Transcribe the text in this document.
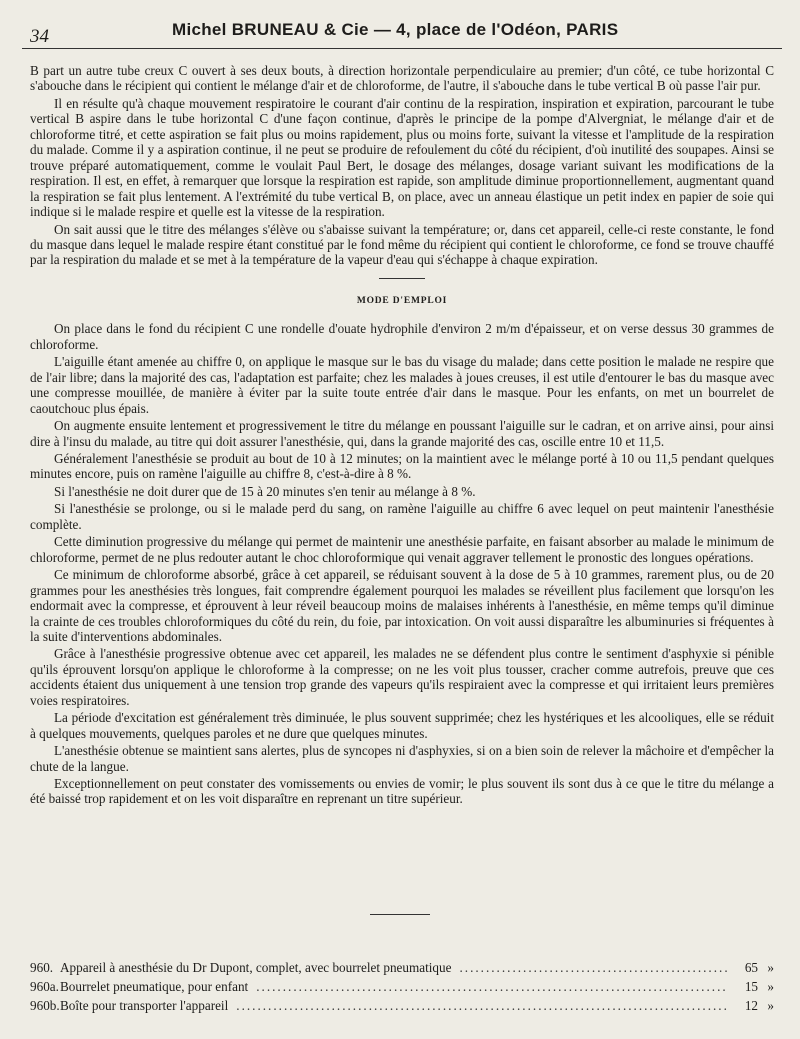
34	Michel BRUNEAU & Cie — 4, place de l'Odéon, PARIS

B part un autre tube creux C ouvert à ses deux bouts, à direction horizontale perpendiculaire au premier; d'un côté, ce tube horizontal C s'abouche dans le récipient qui contient le mélange d'air et de chloroforme, de l'autre, il s'abouche dans le tube vertical B où passe l'air pur.

Il en résulte qu'à chaque mouvement respiratoire le courant d'air continu de la respiration, inspiration et expiration, parcourant le tube vertical B aspire dans le tube horizontal C d'une façon continue, d'après le principe de la pompe d'Alvergniat, le mélange d'air et de chloroforme titré, et cette aspiration se fait plus ou moins rapidement, plus ou moins forte, suivant la vitesse et l'amplitude de la respiration du malade. Comme il y a aspiration continue, il ne peut se produire de refoulement du côté du récipient, d'où inutilité des soupapes. Ainsi se trouve préparé automatiquement, comme le voulait Paul Bert, le dosage des mélanges, dosage variant suivant les modifications de la respiration. Il est, en effet, à remarquer que lorsque la respiration est rapide, son amplitude diminue proportionnellement, augmentant quand la respiration se fait plus lentement. A l'extrémité du tube vertical B, on place, avec un anneau élastique un petit index en papier de soie qui indique si le malade respire et quelle est la vitesse de la respiration.

On sait aussi que le titre des mélanges s'élève ou s'abaisse suivant la température; or, dans cet appareil, celle-ci reste constante, le fond du masque dans lequel le malade respire étant constitué par le fond même du récipient qui contient le chloroforme, ce fond se trouve chauffé par la respiration du malade et se met à la température de la vapeur d'eau qui s'échappe à chaque expiration.

MODE D'EMPLOI

On place dans le fond du récipient C une rondelle d'ouate hydrophile d'environ 2 m/m d'épaisseur, et on verse dessus 30 grammes de chloroforme.

L'aiguille étant amenée au chiffre 0, on applique le masque sur le bas du visage du malade; dans cette position le malade ne respire que de l'air libre; dans la majorité des cas, l'adaptation est parfaite; chez les malades à joues creuses, il est utile d'entourer le bas du masque avec une compresse mouillée, de manière à éviter par la suite toute entrée d'air dans le masque. Pour les enfants, on met un bourrelet de caoutchouc plus épais.

On augmente ensuite lentement et progressivement le titre du mélange en poussant l'aiguille sur le cadran, et on arrive ainsi, pour ainsi dire à l'insu du malade, au titre qui doit assurer l'anesthésie, qui, dans la grande majorité des cas, oscille entre 10 et 11,5.

Généralement l'anesthésie se produit au bout de 10 à 12 minutes; on la maintient avec le mélange porté à 10 ou 11,5 pendant quelques minutes encore, puis on ramène l'aiguille au chiffre 8, c'est-à-dire à 8 %.

Si l'anesthésie ne doit durer que de 15 à 20 minutes s'en tenir au mélange à 8 %.

Si l'anesthésie se prolonge, ou si le malade perd du sang, on ramène l'aiguille au chiffre 6 avec lequel on peut maintenir l'anesthésie complète.

Cette diminution progressive du mélange qui permet de maintenir une anesthésie parfaite, en faisant absorber au malade le minimum de chloroforme, permet de ne plus redouter autant le choc chloroformique qui venait aggraver tellement le pronostic des longues opérations.

Ce minimum de chloroforme absorbé, grâce à cet appareil, se réduisant souvent à la dose de 5 à 10 grammes, rarement plus, ou de 20 grammes pour les anesthésies très longues, fait comprendre également pourquoi les malades se réveillent plus facilement que lorsqu'on les endormait avec la compresse, et éprouvent à leur réveil beaucoup moins de malaises inhérents à l'anesthésie, en même temps qu'il diminue la crainte de ces troubles chloroformiques du côté du rein, du foie, par intoxication. On voit aussi disparaître les albuminuries si fréquentes à la suite d'interventions abdominales.

Grâce à l'anesthésie progressive obtenue avec cet appareil, les malades ne se défendent plus contre le sentiment d'asphyxie si pénible qu'ils éprouvent lorsqu'on applique le chloroforme à la compresse; on ne les voit plus tousser, cracher comme autrefois, preuve que ces accidents étaient dus uniquement à une tension trop grande des vapeurs qu'ils respiraient avec la compresse et qui irritaient leurs premières voies respiratoires.

La période d'excitation est généralement très diminuée, le plus souvent supprimée; chez les hystériques et les alcooliques, elle se réduit à quelques mouvements, quelques paroles et ne dure que quelques minutes.

L'anesthésie obtenue se maintient sans alertes, plus de syncopes ni d'asphyxies, si on a bien soin de relever la mâchoire et d'empêcher la chute de la langue.

Exceptionnellement on peut constater des vomissements ou envies de vomir; le plus souvent ils sont dus à ce que le titre du mélange a été baissé trop rapidement et on les voit disparaître en reprenant un titre supérieur.

960. Appareil à anesthésie du Dr Dupont, complet, avec bourrelet pneumatique .....	65 »
960a. Bourrelet pneumatique, pour enfant .....	15 »
960b. Boîte pour transporter l'appareil .....	12 »
